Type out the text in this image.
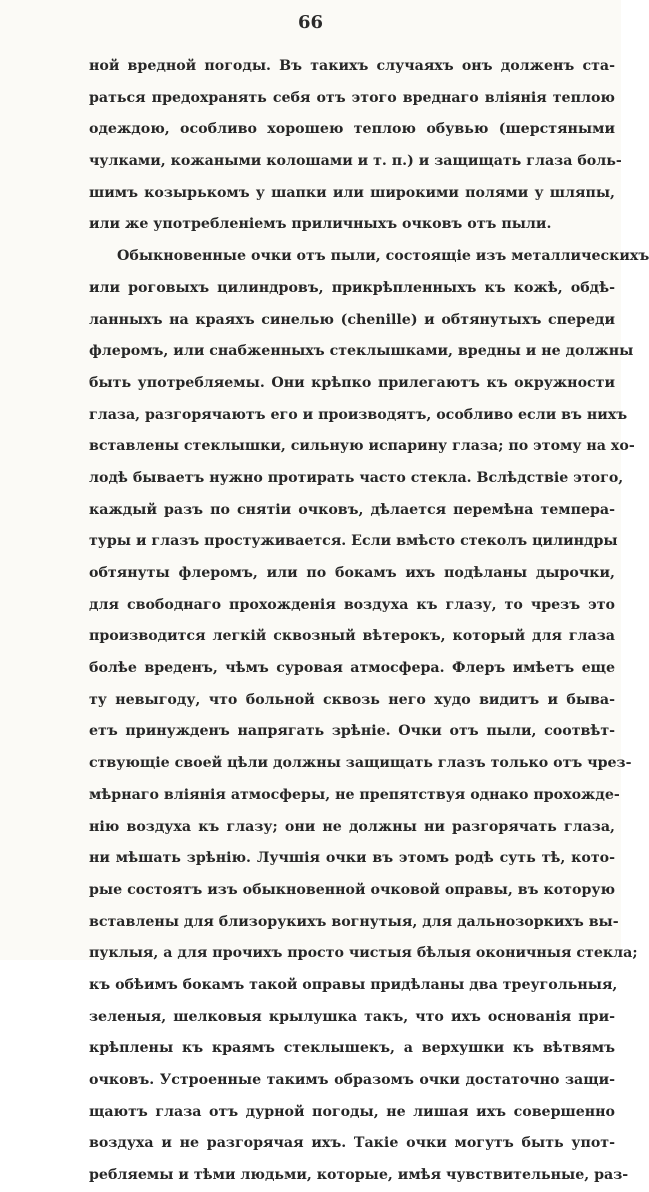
66
ной вредной погоды. Въ такихъ случаяхъ онъ долженъ ста-
раться предохранять себя отъ этого вреднаго вліянія теплою
одеждою, особливо хорошею теплою обувью (шерстяными
чулками, кожаными колошами и т. п.) и защищать глаза боль-
шимъ козырькомъ у шапки или широкими полями у шляпы,
или же употребленіемъ приличныхъ очковъ отъ пыли.
Обыкновенные очки отъ пыли, состоящіе изъ металлическихъ
или роговыхъ цилиндровъ, прикрѣпленныхъ къ кожѣ, обдѣ-
ланныхъ на краяхъ синелью (chenille) и обтянутыхъ спереди
флеромъ, или снабженныхъ стеклышками, вредны и не должны
быть употребляемы. Они крѣпко прилегаютъ къ окружности
глаза, разгорячаютъ его и производятъ, особливо если въ нихъ
вставлены стеклышки, сильную испарину глаза; по этому на хо-
лодѣ бываетъ нужно протирать часто стекла. Вслѣдствіе этого,
каждый разъ по снятіи очковъ, дѣлается перемѣна темпера-
туры и глазъ простуживается. Если вмѣсто стеколъ цилиндры
обтянуты флеромъ, или по бокамъ ихъ подѣланы дырочки,
для свободнаго прохожденія воздуха къ глазу, то чрезъ это
производится легкій сквозный вѣтерокъ, который для глаза
болѣе вреденъ, чѣмъ суровая атмосфера. Флеръ имѣетъ еще
ту невыгоду, что больной сквозь него худо видитъ и быва-
етъ принужденъ напрягать зрѣніе. Очки отъ пыли, соотвѣт-
ствующіе своей цѣли должны защищать глазъ только отъ чрез-
мѣрнаго вліянія атмосферы, не препятствуя однако прохожде-
нію воздуха къ глазу; они не должны ни разгорячать глаза,
ни мѣшать зрѣнію. Лучшія очки въ этомъ родѣ суть тѣ, кото-
рые состоятъ изъ обыкновенной очковой оправы, въ которую
вставлены для близорукихъ вогнутыя, для дальнозоркихъ вы-
пуклыя, а для прочихъ просто чистыя бѣлыя оконичныя стекла;
къ обѣимъ бокамъ такой оправы придѣланы два треугольныя,
зеленыя, шелковыя крылушка такъ, что ихъ основанія при-
крѣплены къ краямъ стеклышекъ, а верхушки къ вѣтвямъ
очковъ. Устроенные такимъ образомъ очки достаточно защи-
щаютъ глаза отъ дурной погоды, не лишая ихъ совершенно
воздуха и не разгорячая ихъ. Такіе очки могутъ быть упот-
ребляемы и тѣми людьми, которые, имѣя чувствительные, раз-
